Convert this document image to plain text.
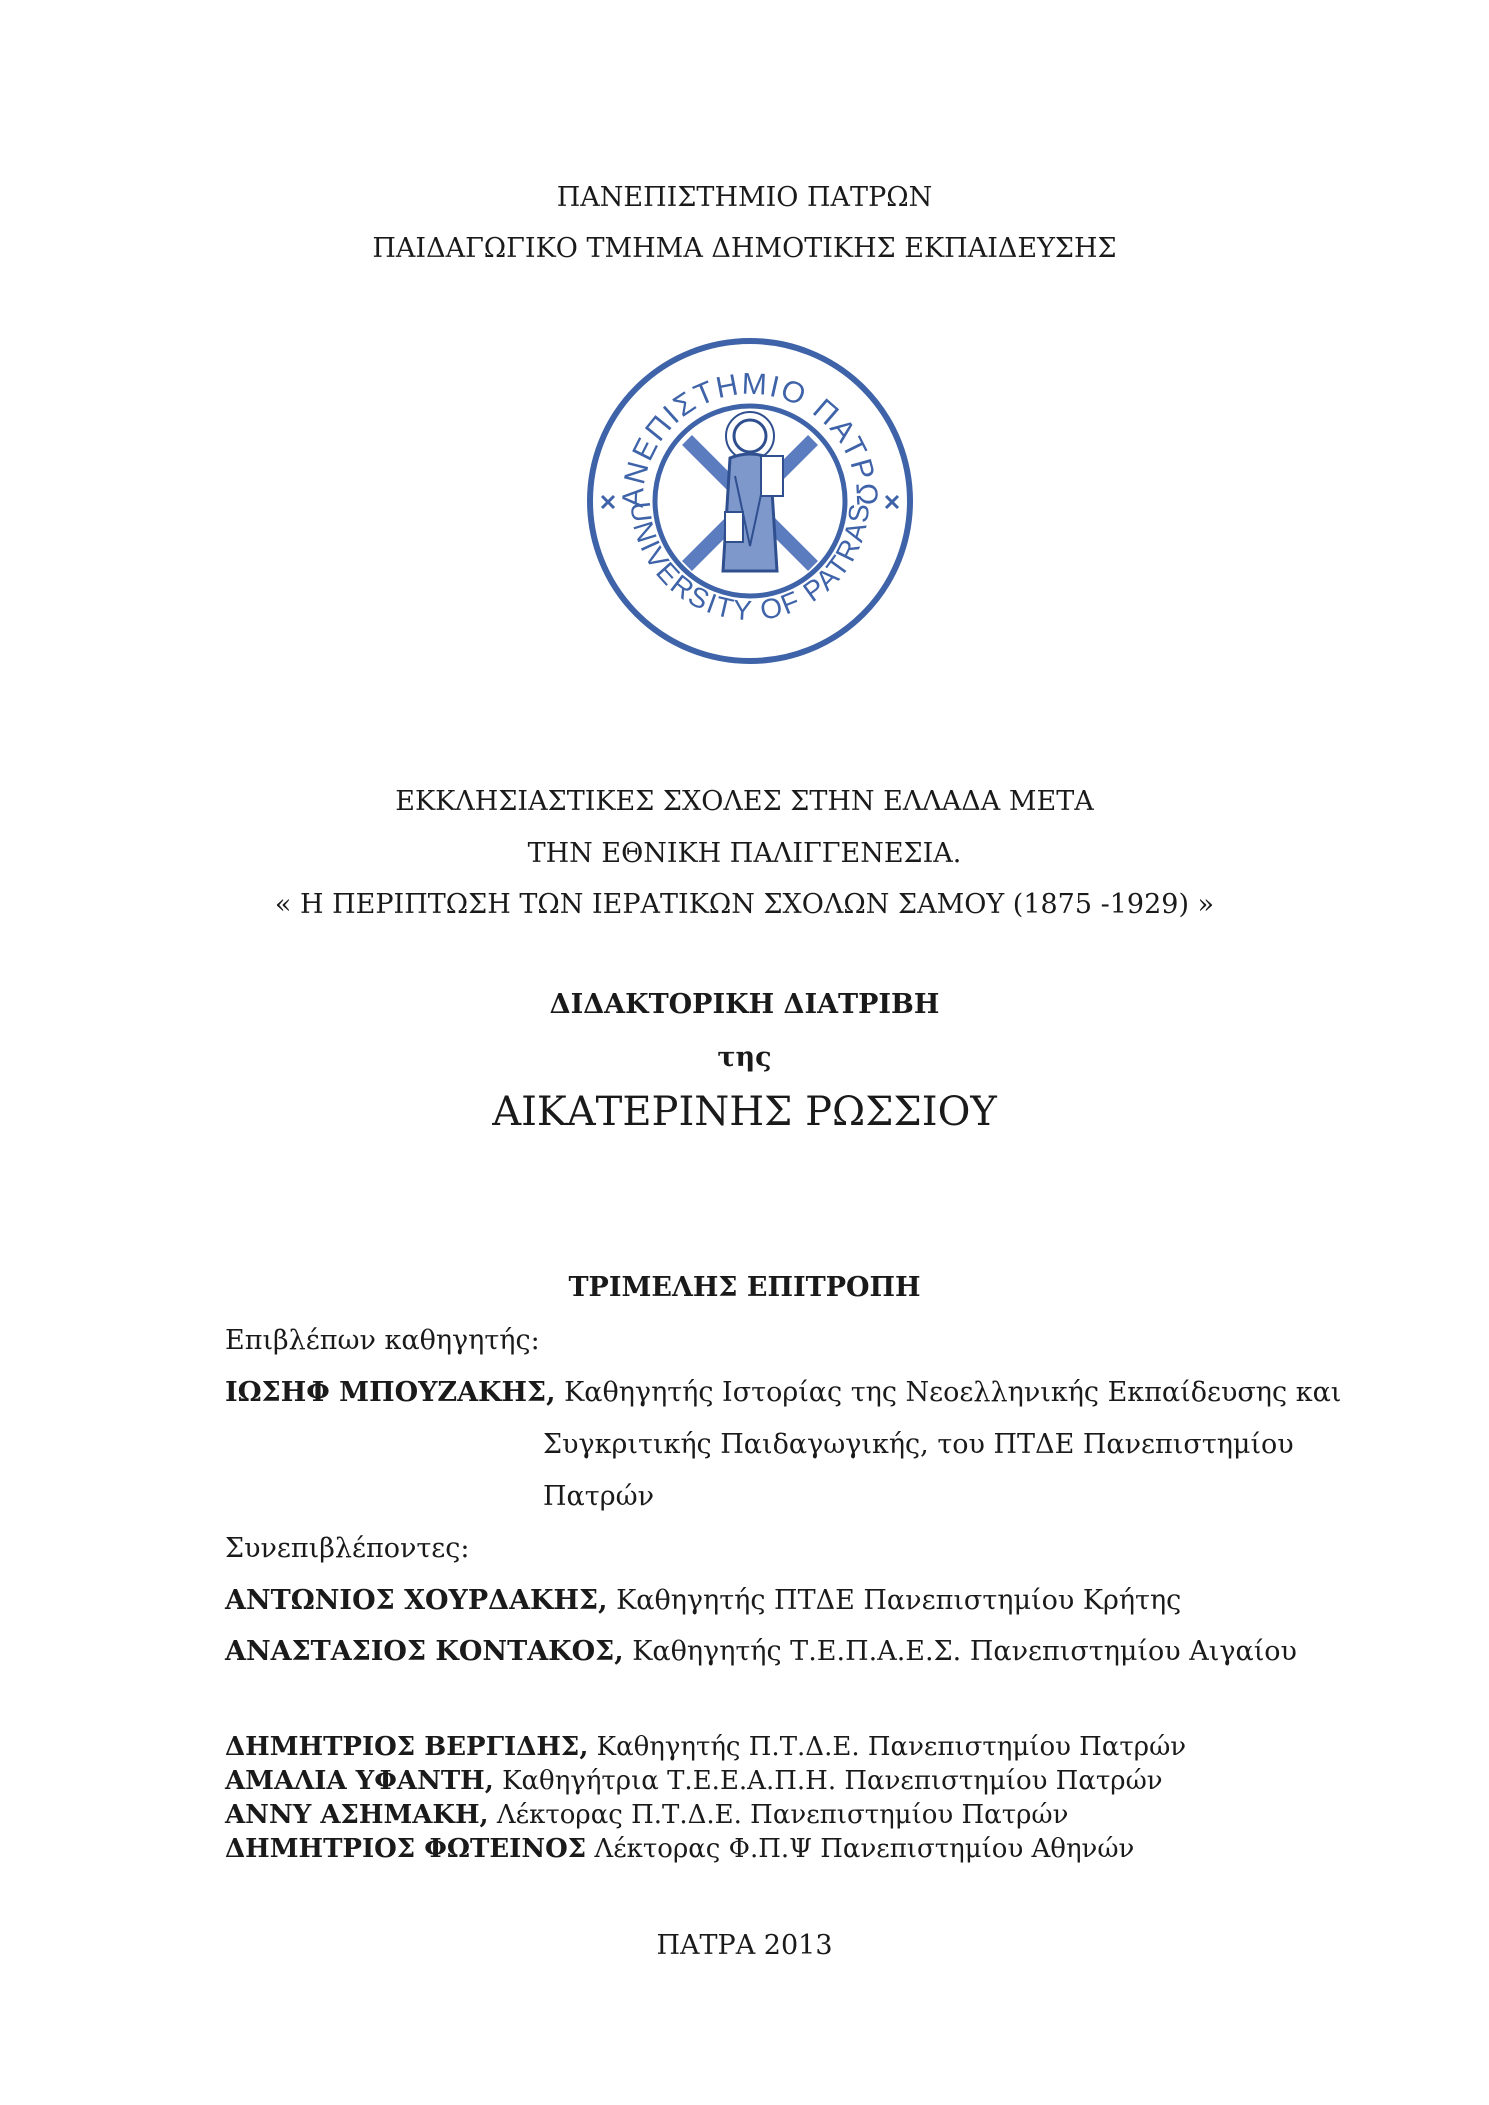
ΠΑΝΕΠΙΣΤΗΜΙΟ ΠΑΤΡΩΝ
ΠΑΙΔΑΓΩΓΙΚΟ ΤΜΗΜΑ ΔΗΜΟΤΙΚΗΣ ΕΚΠΑΙΔΕΥΣΗΣ
ΑΝΕΠΙΣΤΗΜΙΟ ΠΑΤΡΩ
UNIVERSITY OF PATRAS
ΕΚΚΛΗΣΙΑΣΤΙΚΕΣ ΣΧΟΛΕΣ ΣΤΗΝ ΕΛΛΑΔΑ ΜΕΤΑ
ΤΗΝ ΕΘΝΙΚΗ ΠΑΛΙΓΓΕΝΕΣΙΑ.
« Η ΠΕΡΙΠΤΩΣΗ ΤΩΝ ΙΕΡΑΤΙΚΩΝ ΣΧΟΛΩΝ ΣΑΜΟΥ (1875 -1929) »
ΔΙΔΑΚΤΟΡΙΚΗ ΔΙΑΤΡΙΒΗ
της
ΑΙΚΑΤΕΡΙΝΗΣ ΡΩΣΣΙΟΥ
ΤΡΙΜΕΛΗΣ ΕΠΙΤΡΟΠΗ
Επιβλέπων καθηγητής:
ΙΩΣΗΦ ΜΠΟΥΖΑΚΗΣ, Καθηγητής Ιστορίας της Νεοελληνικής Εκπαίδευσης και
Συγκριτικής Παιδαγωγικής, του ΠΤΔΕ Πανεπιστημίου
Πατρών
Συνεπιβλέποντες:
ΑΝΤΩΝΙΟΣ ΧΟΥΡΔΑΚΗΣ, Καθηγητής ΠΤΔΕ Πανεπιστημίου Κρήτης
ΑΝΑΣΤΑΣΙΟΣ ΚΟΝΤΑΚΟΣ, Καθηγητής Τ.Ε.Π.Α.Ε.Σ. Πανεπιστημίου Αιγαίου
ΔΗΜΗΤΡΙΟΣ ΒΕΡΓΙΔΗΣ, Καθηγητής Π.Τ.Δ.Ε. Πανεπιστημίου Πατρών
ΑΜΑΛΙΑ ΥΦΑΝΤΗ, Καθηγήτρια Τ.Ε.Ε.Α.Π.Η. Πανεπιστημίου Πατρών
ΑΝΝΥ ΑΣΗΜΑΚΗ, Λέκτορας Π.Τ.Δ.Ε. Πανεπιστημίου Πατρών
ΔΗΜΗΤΡΙΟΣ ΦΩΤΕΙΝΟΣ Λέκτορας Φ.Π.Ψ Πανεπιστημίου Αθηνών
ΠΑΤΡΑ 2013
